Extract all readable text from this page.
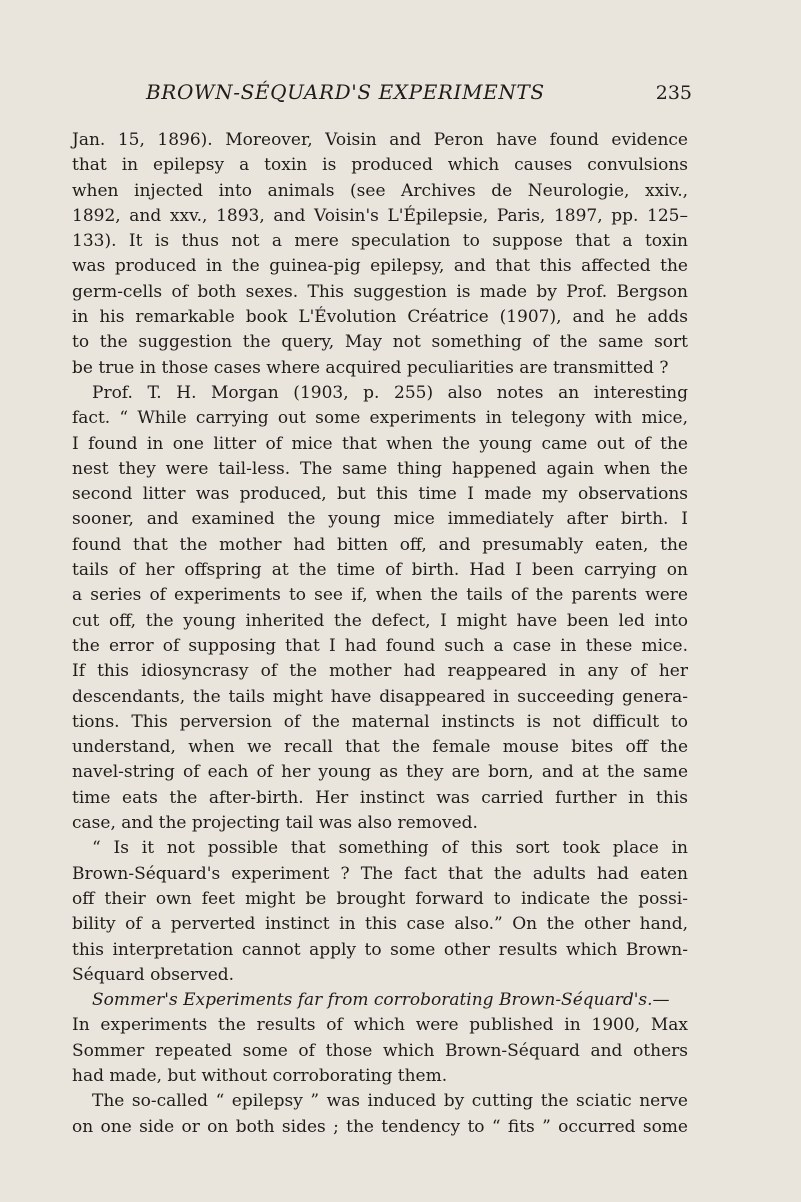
BROWN-SÉQUARD'S EXPERIMENTS	235
Jan. 15, 1896). Moreover, Voisin and Peron have found evidence
that in epilepsy a toxin is produced which causes convulsions
when injected into animals (see Archives de Neurologie, xxiv.,
1892, and xxv., 1893, and Voisin's L'Épilepsie, Paris, 1897, pp. 125–
133). It is thus not a mere speculation to suppose that a toxin
was produced in the guinea-pig epilepsy, and that this affected the
germ-cells of both sexes. This suggestion is made by Prof. Bergson
in his remarkable book L'Évolution Créatrice (1907), and he adds
to the suggestion the query, May not something of the same sort
be true in those cases where acquired peculiarities are transmitted ?
Prof. T. H. Morgan (1903, p. 255) also notes an interesting
fact. “ While carrying out some experiments in telegony with mice,
I found in one litter of mice that when the young came out of the
nest they were tail-less. The same thing happened again when the
second litter was produced, but this time I made my observations
sooner, and examined the young mice immediately after birth. I
found that the mother had bitten off, and presumably eaten, the
tails of her offspring at the time of birth. Had I been carrying on
a series of experiments to see if, when the tails of the parents were
cut off, the young inherited the defect, I might have been led into
the error of supposing that I had found such a case in these mice.
If this idiosyncrasy of the mother had reappeared in any of her
descendants, the tails might have disappeared in succeeding genera-
tions. This perversion of the maternal instincts is not difficult to
understand, when we recall that the female mouse bites off the
navel-string of each of her young as they are born, and at the same
time eats the after-birth. Her instinct was carried further in this
case, and the projecting tail was also removed.
“ Is it not possible that something of this sort took place in
Brown-Séquard's experiment ? The fact that the adults had eaten
off their own feet might be brought forward to indicate the possi-
bility of a perverted instinct in this case also.” On the other hand,
this interpretation cannot apply to some other results which Brown-
Séquard observed.
Sommer's Experiments far from corroborating Brown-Séquard's.—
In experiments the results of which were published in 1900, Max
Sommer repeated some of those which Brown-Séquard and others
had made, but without corroborating them.
The so-called “ epilepsy ” was induced by cutting the sciatic nerve
on one side or on both sides ; the tendency to “ fits ” occurred some
